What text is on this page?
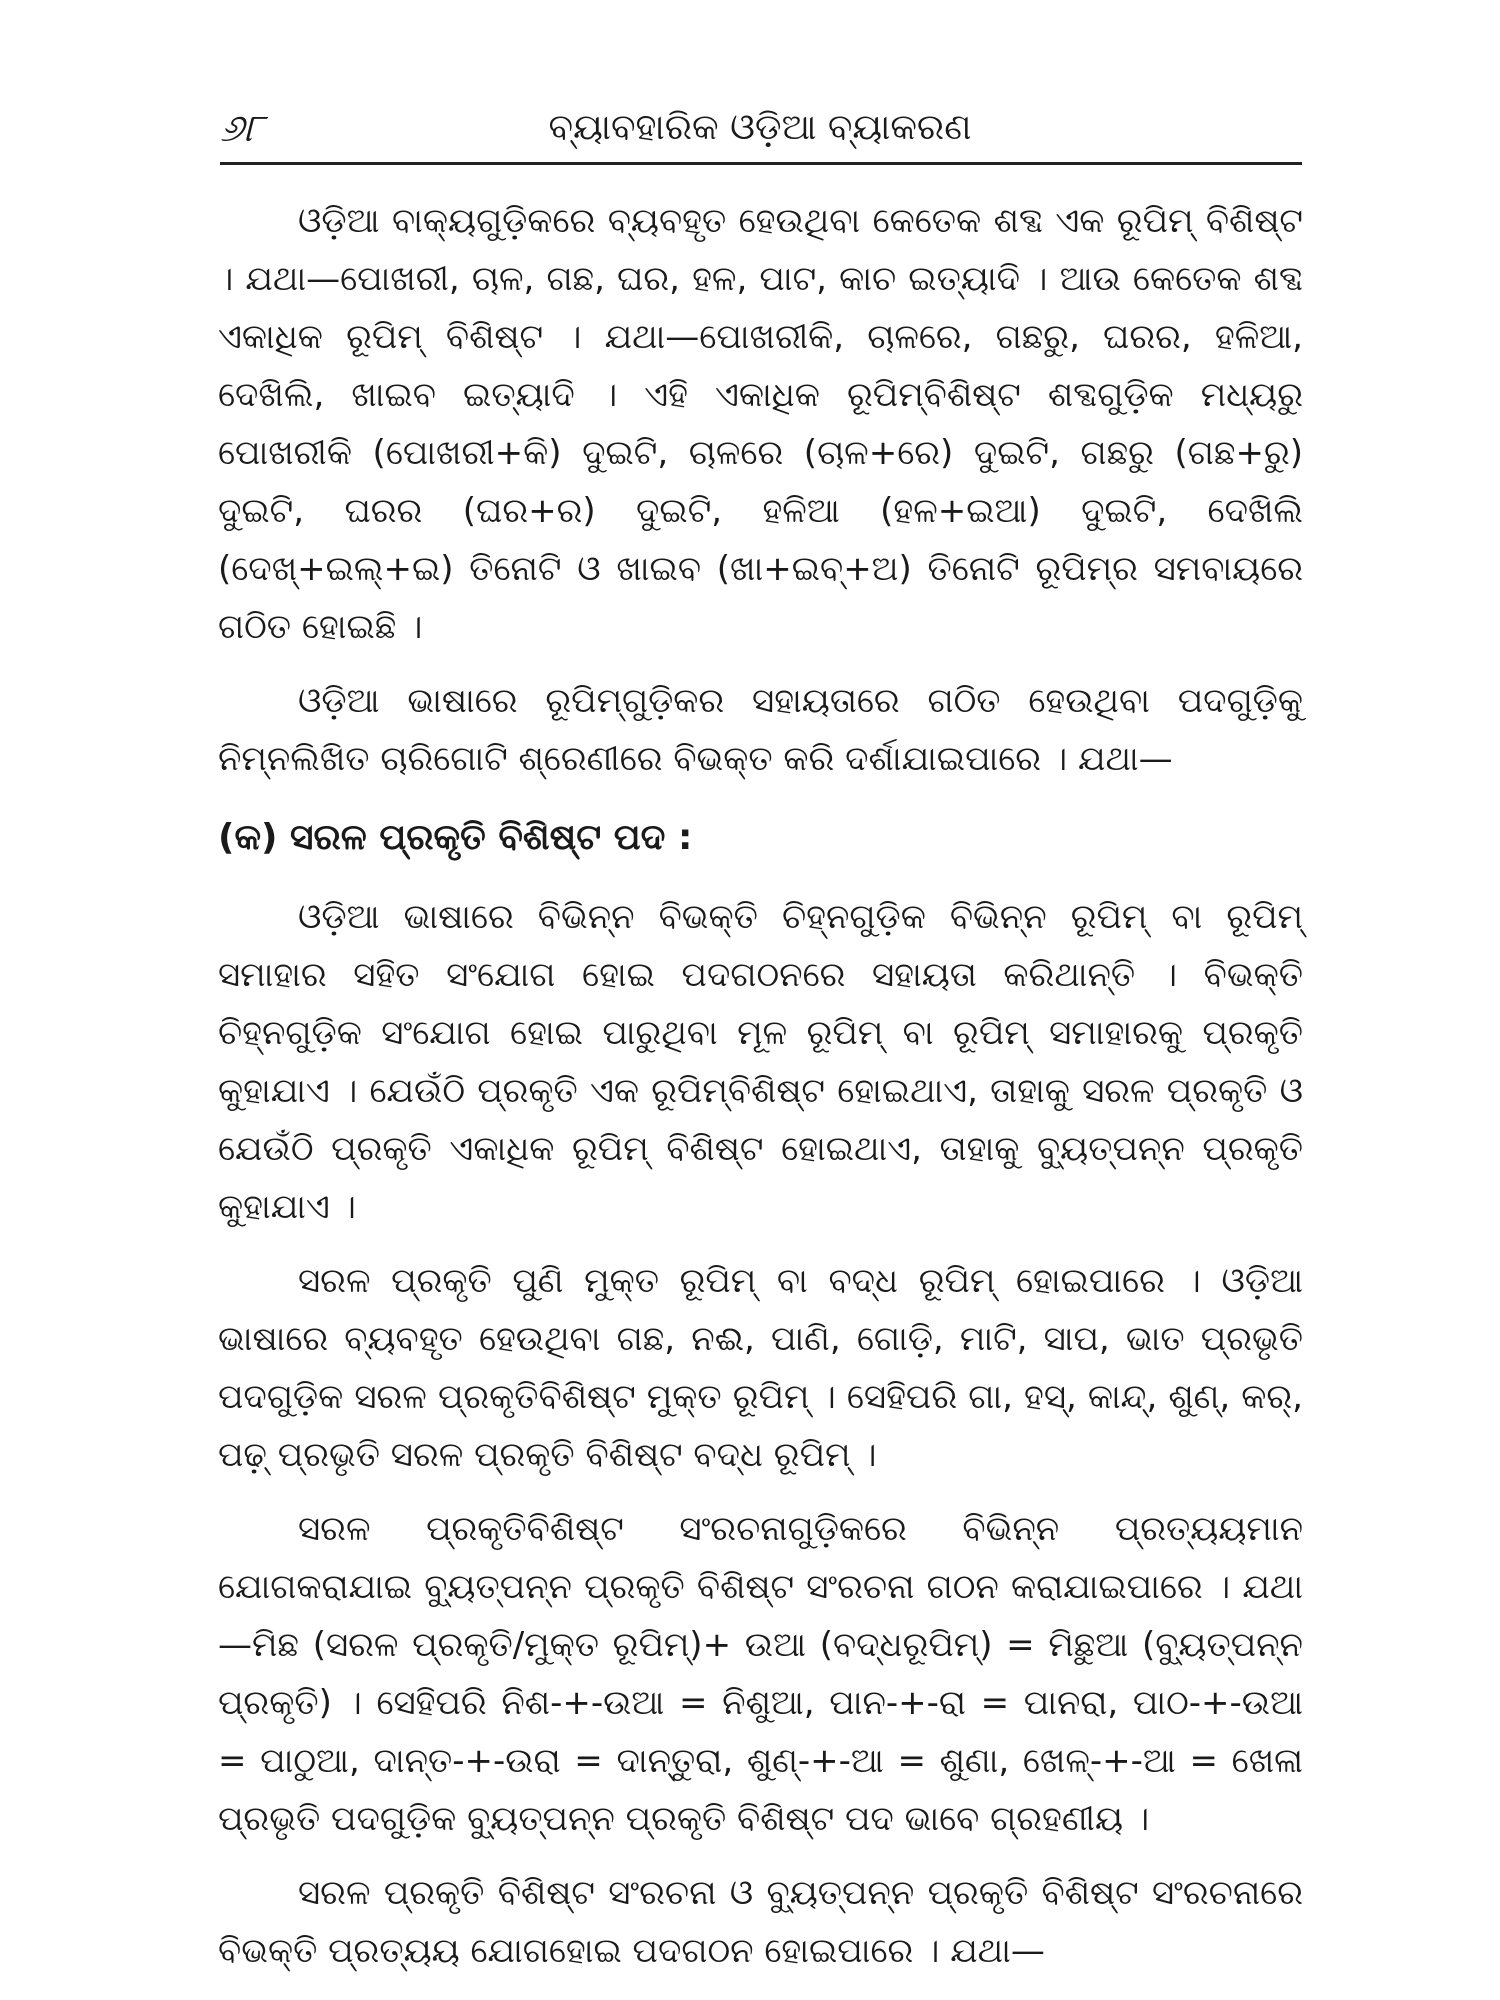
୬୮	ବ୍ୟାବହାରିକ ଓଡ଼ିଆ ବ୍ୟାକରଣ

ଓଡ଼ିଆ ବାକ୍ୟଗୁଡ଼ିକରେ ବ୍ୟବହୃତ ହେଉଥିବା କେତେକ ଶବ୍ଦ ଏକ ରୂପିମ୍ ବିଶିଷ୍ଟ । ଯଥା—ପୋଖରୀ, ଚାଳ, ଗଛ, ଘର, ହଳ, ପାଟ, କାଚ ଇତ୍ୟାଦି । ଆଉ କେତେକ ଶବ୍ଦ ଏକାଧିକ ରୂପିମ୍ ବିଶିଷ୍ଟ । ଯଥା—ପୋଖରୀକି, ଚାଳରେ, ଗଛରୁ, ଘରର, ହଳିଆ, ଦେଖିଲି, ଖାଇବ ଇତ୍ୟାଦି । ଏହି ଏକାଧିକ ରୂପିମ୍‌ବିଶିଷ୍ଟ ଶବ୍ଦଗୁଡ଼ିକ ମଧ୍ୟରୁ ପୋଖରୀକି (ପୋଖରୀ+କି) ଦୁଇଟି, ଚାଳରେ (ଚାଳ+ରେ) ଦୁଇଟି, ଗଛରୁ (ଗଛ+ରୁ) ଦୁଇଟି, ଘରର (ଘର+ର) ଦୁଇଟି, ହଳିଆ (ହଳ+ଇଆ) ଦୁଇଟି, ଦେଖିଲି (ଦେଖ୍+ଇଲ୍+ଇ) ତିନୋଟି ଓ ଖାଇବ (ଖା+ଇବ୍+ଅ) ତିନୋଟି ରୂପିମ୍‌ର ସମବାୟରେ ଗଠିତ ହୋଇଛି ।

ଓଡ଼ିଆ ଭାଷାରେ ରୂପିମ୍‌ଗୁଡ଼ିକର ସହାୟତାରେ ଗଠିତ ହେଉଥିବା ପଦଗୁଡ଼ିକୁ ନିମ୍ନଲିଖିତ ଚାରିଗୋଟି ଶ୍ରେଣୀରେ ବିଭକ୍ତ କରି ଦର୍ଶାଯାଇପାରେ । ଯଥା—

(କ) ସରଳ ପ୍ରକୃତି ବିଶିଷ୍ଟ ପଦ :

ଓଡ଼ିଆ ଭାଷାରେ ବିଭିନ୍ନ ବିଭକ୍ତି ଚିହ୍ନଗୁଡ଼ିକ ବିଭିନ୍ନ ରୂପିମ୍ ବା ରୂପିମ୍ ସମାହାର ସହିତ ସଂଯୋଗ ହୋଇ ପଦଗଠନରେ ସହାୟତା କରିଥାନ୍ତି । ବିଭକ୍ତି ଚିହ୍ନଗୁଡ଼ିକ ସଂଯୋଗ ହୋଇ ପାରୁଥିବା ମୂଳ ରୂପିମ୍ ବା ରୂପିମ୍ ସମାହାରକୁ ପ୍ରକୃତି କୁହାଯାଏ । ଯେଉଁଠି ପ୍ରକୃତି ଏକ ରୂପିମ୍‌ବିଶିଷ୍ଟ ହୋଇଥାଏ, ତାହାକୁ ସରଳ ପ୍ରକୃତି ଓ ଯେଉଁଠି ପ୍ରକୃତି ଏକାଧିକ ରୂପିମ୍ ବିଶିଷ୍ଟ ହୋଇଥାଏ, ତାହାକୁ ବ୍ୟୁତ୍ପନ୍ନ ପ୍ରକୃତି କୁହାଯାଏ ।

ସରଳ ପ୍ରକୃତି ପୁଣି ମୁକ୍ତ ରୂପିମ୍ ବା ବଦ୍ଧ ରୂପିମ୍ ହୋଇପାରେ । ଓଡ଼ିଆ ଭାଷାରେ ବ୍ୟବହୃତ ହେଉଥିବା ଗଛ, ନଈ, ପାଣି, ଗୋଡ଼ି, ମାଟି, ସାପ, ଭାତ ପ୍ରଭୃତି ପଦଗୁଡ଼ିକ ସରଳ ପ୍ରକୃତିବିଶିଷ୍ଟ ମୁକ୍ତ ରୂପିମ୍ । ସେହିପରି ଗା, ହସ୍, କାନ୍ଦ୍, ଶୁଣ୍, କର୍, ପଢ଼୍ ପ୍ରଭୃତି ସରଳ ପ୍ରକୃତି ବିଶିଷ୍ଟ ବଦ୍ଧ ରୂପିମ୍ ।

ସରଳ ପ୍ରକୃତିବିଶିଷ୍ଟ ସଂରଚନାଗୁଡ଼ିକରେ ବିଭିନ୍ନ ପ୍ରତ୍ୟୟମାନ ଯୋଗକରାଯାଇ ବ୍ୟୁତ୍ପନ୍ନ ପ୍ରକୃତି ବିଶିଷ୍ଟ ସଂରଚନା ଗଠନ କରାଯାଇପାରେ । ଯଥା—ମିଛ (ସରଳ ପ୍ରକୃତି/ମୁକ୍ତ ରୂପିମ୍)+ ଉଆ (ବଦ୍ଧରୂପିମ୍) = ମିଛୁଆ (ବ୍ୟୁତ୍ପନ୍ନ ପ୍ରକୃତି) । ସେହିପରି ନିଶ-+-ଉଆ = ନିଶୁଆ, ପାନ-+-ରା = ପାନରା, ପାଠ-+-ଉଆ = ପାଠୁଆ, ଦାନ୍ତ-+-ଉରା = ଦାନ୍ତୁରା, ଶୁଣ୍-+-ଆ = ଶୁଣା, ଖେଳ୍-+-ଆ = ଖେଳା ପ୍ରଭୃତି ପଦଗୁଡ଼ିକ ବ୍ୟୁତ୍ପନ୍ନ ପ୍ରକୃତି ବିଶିଷ୍ଟ ପଦ ଭାବେ ଗ୍ରହଣୀୟ ।

ସରଳ ପ୍ରକୃତି ବିଶିଷ୍ଟ ସଂରଚନା ଓ ବ୍ୟୁତ୍ପନ୍ନ ପ୍ରକୃତି ବିଶିଷ୍ଟ ସଂରଚନାରେ ବିଭକ୍ତି ପ୍ରତ୍ୟୟ ଯୋଗହୋଇ ପଦଗଠନ ହୋଇପାରେ । ଯଥା—
